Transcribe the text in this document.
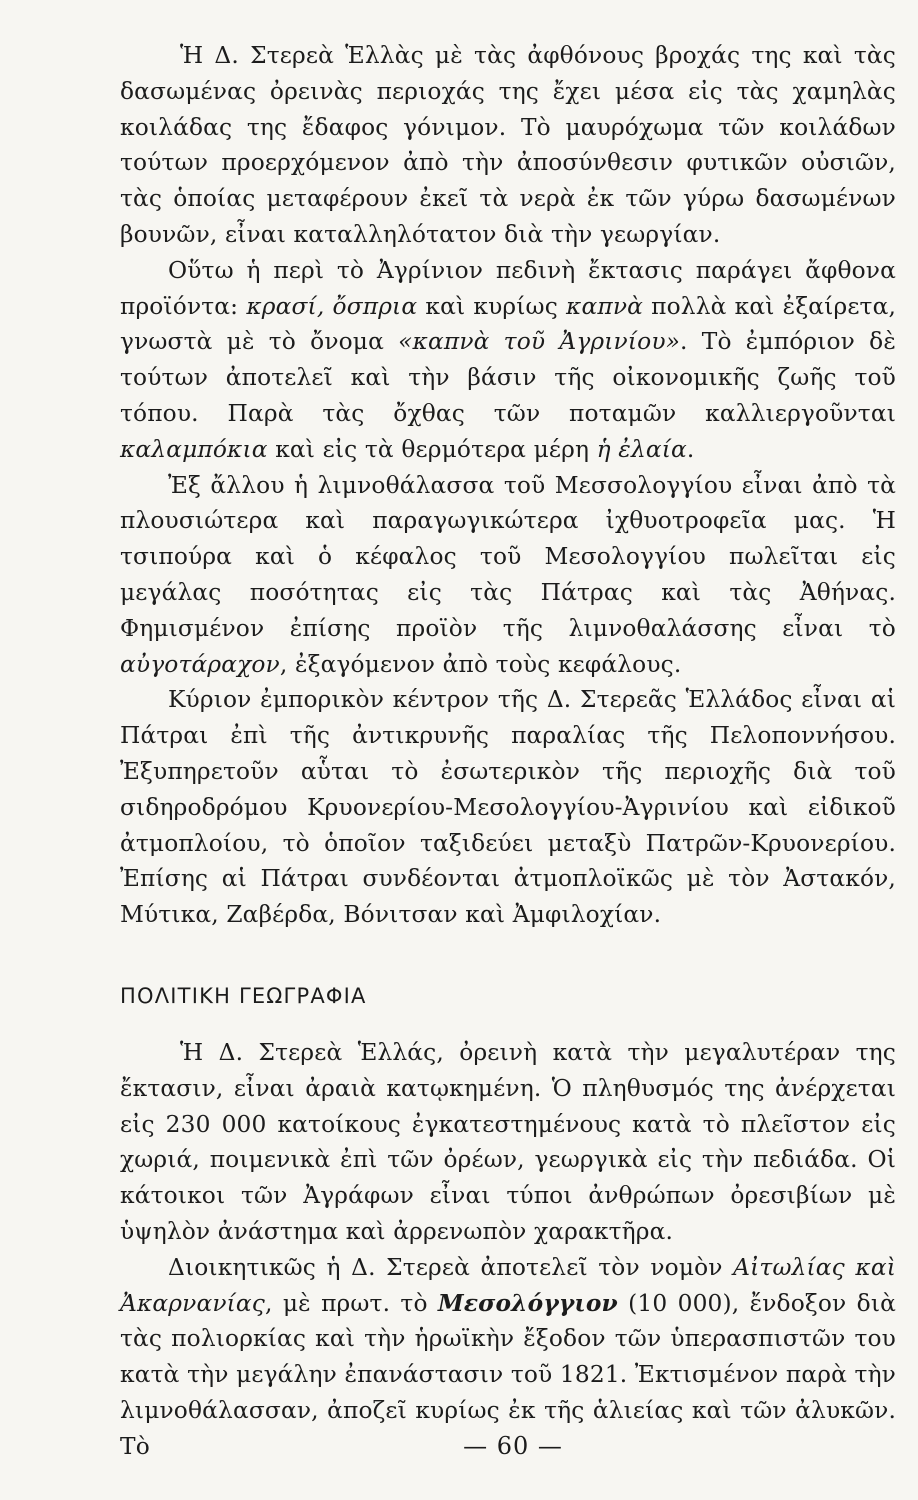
Ἡ Δ. Στερεὰ Ἑλλὰς μὲ τὰς ἀφθόνους βροχάς της καὶ τὰς δασωμένας ὀρεινὰς περιοχάς της ἔχει μέσα εἰς τὰς χαμηλὰς κοιλάδας της ἔδαφος γόνιμον. Τὸ μαυρόχωμα τῶν κοιλάδων τούτων προερχόμενον ἀπὸ τὴν ἀποσύνθεσιν φυτικῶν οὐσιῶν, τὰς ὁποίας μεταφέρουν ἐκεῖ τὰ νερὰ ἐκ τῶν γύρω δασωμένων βουνῶν, εἶναι καταλληλότατον διὰ τὴν γεωργίαν.

Οὕτω ἡ περὶ τὸ Ἀγρίνιον πεδινὴ ἔκτασις παράγει ἄφθονα προϊόντα: κρασί, ὄσπρια καὶ κυρίως καπνὰ πολλὰ καὶ ἐξαίρετα, γνωστὰ μὲ τὸ ὄνομα «καπνὰ τοῦ Ἀγρινίου». Τὸ ἐμπόριον δὲ τούτων ἀποτελεῖ καὶ τὴν βάσιν τῆς οἰκονομικῆς ζωῆς τοῦ τόπου. Παρὰ τὰς ὄχθας τῶν ποταμῶν καλλιεργοῦνται καλαμπόκια καὶ εἰς τὰ θερμότερα μέρη ἡ ἐλαία.

Ἐξ ἄλλου ἡ λιμνοθάλασσα τοῦ Μεσσολογγίου εἶναι ἀπὸ τὰ πλουσιώτερα καὶ παραγωγικώτερα ἰχθυοτροφεῖα μας. Ἡ τσιπούρα καὶ ὁ κέφαλος τοῦ Μεσολογγίου πωλεῖται εἰς μεγάλας ποσότητας εἰς τὰς Πάτρας καὶ τὰς Ἀθήνας. Φημισμένον ἐπίσης προϊὸν τῆς λιμνοθαλάσσης εἶναι τὸ αὐγοτάραχον, ἐξαγόμενον ἀπὸ τοὺς κεφάλους.

Κύριον ἐμπορικὸν κέντρον τῆς Δ. Στερεᾶς Ἑλλάδος εἶναι αἱ Πάτραι ἐπὶ τῆς ἀντικρυνῆς παραλίας τῆς Πελοποννήσου. Ἐξυπηρετοῦν αὗται τὸ ἐσωτερικὸν τῆς περιοχῆς διὰ τοῦ σιδηροδρόμου Κρυονερίου-Μεσολογγίου-Ἀγρινίου καὶ εἰδικοῦ ἀτμοπλοίου, τὸ ὁποῖον ταξιδεύει μεταξὺ Πατρῶν-Κρυονερίου. Ἐπίσης αἱ Πάτραι συνδέονται ἀτμοπλοϊκῶς μὲ τὸν Ἀστακόν, Μύτικα, Ζαβέρδα, Βόνιτσαν καὶ Ἀμφιλοχίαν.

ΠΟΛΙΤΙΚΗ ΓΕΩΓΡΑΦΙΑ

Ἡ Δ. Στερεὰ Ἑλλάς, ὀρεινὴ κατὰ τὴν μεγαλυτέραν της ἔκτασιν, εἶναι ἀραιὰ κατῳκημένη. Ὁ πληθυσμός της ἀνέρχεται εἰς 230 000 κατοίκους ἐγκατεστημένους κατὰ τὸ πλεῖστον εἰς χωριά, ποιμενικὰ ἐπὶ τῶν ὀρέων, γεωργικὰ εἰς τὴν πεδιάδα. Οἱ κάτοικοι τῶν Ἀγράφων εἶναι τύποι ἀνθρώπων ὀρεσιβίων μὲ ὑψηλὸν ἀνάστημα καὶ ἀρρενωπὸν χαρακτῆρα.

Διοικητικῶς ἡ Δ. Στερεὰ ἀποτελεῖ τὸν νομὸν Αἰτωλίας καὶ Ἀκαρνανίας, μὲ πρωτ. τὸ Μεσολόγγιον (10 000), ἔνδοξον διὰ τὰς πολιορκίας καὶ τὴν ἡρωϊκὴν ἔξοδον τῶν ὑπερασπιστῶν του κατὰ τὴν μεγάλην ἐπανάστασιν τοῦ 1821. Ἐκτισμένον παρὰ τὴν λιμνοθάλασσαν, ἀποζεῖ κυρίως ἐκ τῆς ἁλιείας καὶ τῶν ἀλυκῶν. Τὸ	— 60 —
